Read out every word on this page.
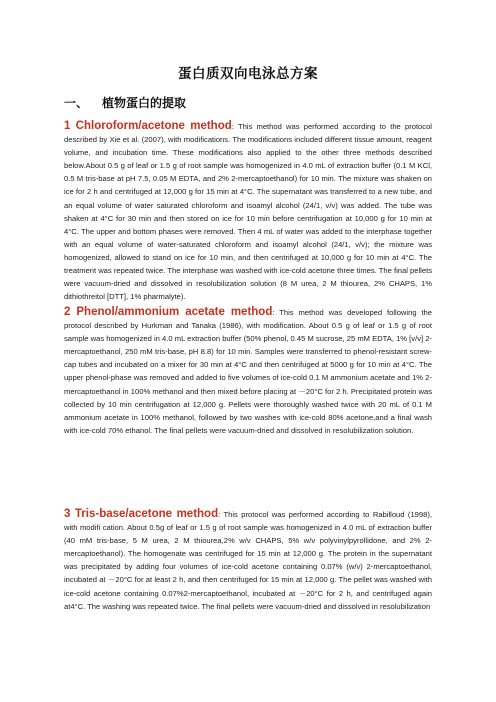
蛋白质双向电泳总方案
一、 植物蛋白的提取
1 Chloroform/acetone method: This method was performed according to the protocol described by Xie et al. (2007), with modifications. The modifications included different tissue amount, reagent volume, and incubation time. These modifications also applied to the other three methods described below.About 0.5 g of leaf or 1.5 g of root sample was homogenized in 4.0 mL of extraction buffer (0.1 M KCl, 0.5 M tris-base at pH 7.5, 0.05 M EDTA, and 2% 2-mercaptoethanol) for 10 min. The mixture was shaken on ice for 2 h and centrifuged at 12,000 g for 15 min at 4°C. The supernatant was transferred to a new tube, and an equal volume of water saturated chloroform and isoamyl alcohol (24/1, v/v) was added. The tube was shaken at 4°C for 30 min and then stored on ice for 10 min before centrifugation at 10,000 g for 10 min at 4°C. The upper and bottom phases were removed. Then 4 mL of water was added to the interphase together with an equal volume of water-saturated chloroform and isoamyl alcohol (24/1, v/v); the mixture was homogenized, allowed to stand on ice for 10 min, and then centrifuged at 10,000 g for 10 min at 4°C. The treatment was repeated twice. The interphase was washed with ice-cold acetone three times. The final pellets were vacuum-dried and dissolved in resolubilization solution (8 M urea, 2 M thiourea, 2% CHAPS, 1% dithiothreitol [DTT], 1% pharmalyte).
2 Phenol/ammonium acetate method: This method was developed following the protocol described by Hurkman and Tanaka (1986), with modification. About 0.5 g of leaf or 1.5 g of root sample was homogenized in 4.0 mL extraction buffer (50% phenol, 0.45 M sucrose, 25 mM EDTA, 1% [v/v] 2-mercaptoethanol, 250 mM tris-base, pH 8.8) for 10 min. Samples were transferred to phenol-resistant screw-cap tubes and incubated on a mixer for 30 min at 4°C and then centrifuged at 5000 g for 10 min at 4°C. The upper phenol-phase was removed and added to five volumes of ice-cold 0.1 M ammonium acetate and 1% 2-mercaptoethanol in 100% methanol and then mixed before placing at －20°C for 2 h. Precipitated protein was collected by 10 min centrifugation at 12,000 g. Pellets were thoroughly washed twice with 20 mL of 0.1 M ammonium acetate in 100% methanol, followed by two washes with ice-cold 80% acetone,and a final wash with ice-cold 70% ethanol. The final pellets were vacuum-dried and dissolved in resolubilization solution.
3 Tris-base/acetone method: This protocol was performed according to Rabilloud (1998), with modifi cation. About 0.5g of leaf or 1.5 g of root sample was homogenized in 4.0 mL of extraction buffer (40 mM tris-base, 5 M urea, 2 M thiourea,2% w/v CHAPS, 5% w/v polyvinylpyrollidone, and 2% 2-mercaptoethanol). The homogenate was centrifuged for 15 min at 12,000 g. The protein in the supernatant was precipitated by adding four volumes of ice-cold acetone containing 0.07% (w/v) 2-mercaptoethanol, incubated at －20°C for at least 2 h, and then centrifuged for 15 min at 12,000 g. The pellet was washed with ice-cold acetone containing 0.07%2-mercaptoethanol, incubated at －20°C for 2 h, and centrifuged again at4°C. The washing was repeated twice. The final pellets were vacuum-dried and dissolved in resolubilization
